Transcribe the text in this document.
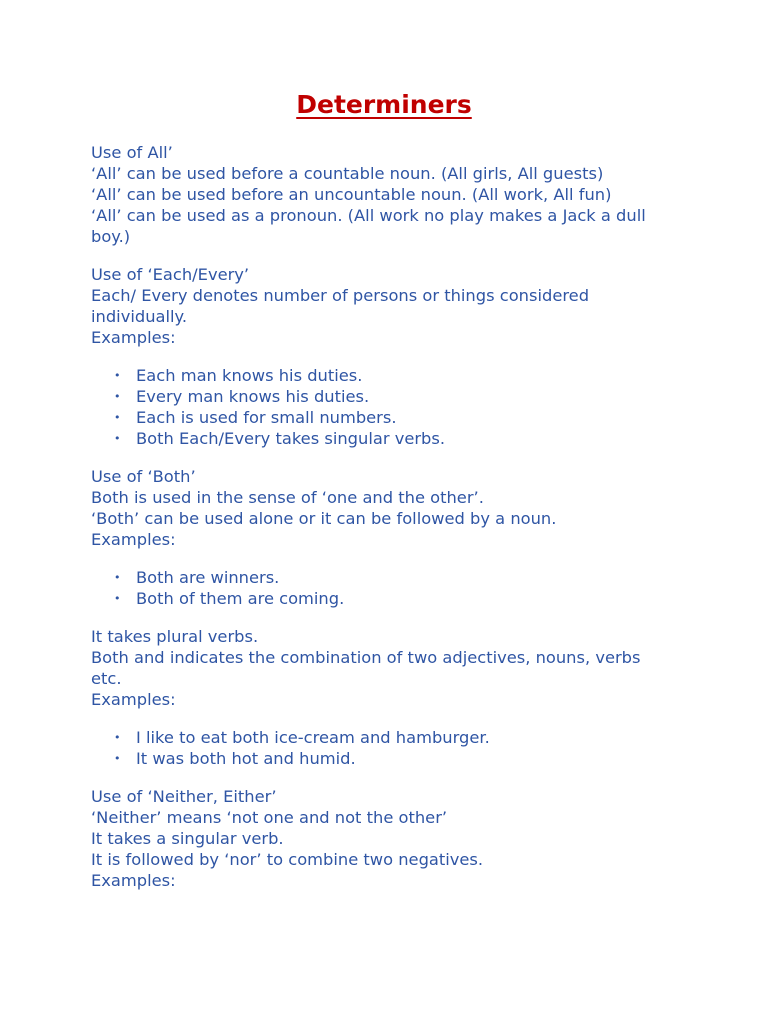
Determiners
Use of All’
‘All’ can be used before a countable noun. (All girls, All guests)
‘All’ can be used before an uncountable noun. (All work, All fun)
‘All’ can be used as a pronoun. (All work no play makes a Jack a dull boy.)
Use of ‘Each/Every’
Each/ Every denotes number of persons or things considered individually.
Examples:
• Each man knows his duties.
• Every man knows his duties.
• Each is used for small numbers.
• Both Each/Every takes singular verbs.
Use of ‘Both’
Both is used in the sense of ‘one and the other’.
‘Both’ can be used alone or it can be followed by a noun.
Examples:
• Both are winners.
• Both of them are coming.
It takes plural verbs.
Both and indicates the combination of two adjectives, nouns, verbs etc.
Examples:
• I like to eat both ice-cream and hamburger.
• It was both hot and humid.
Use of ‘Neither, Either’
‘Neither’ means ‘not one and not the other’
It takes a singular verb.
It is followed by ‘nor’ to combine two negatives.
Examples:
